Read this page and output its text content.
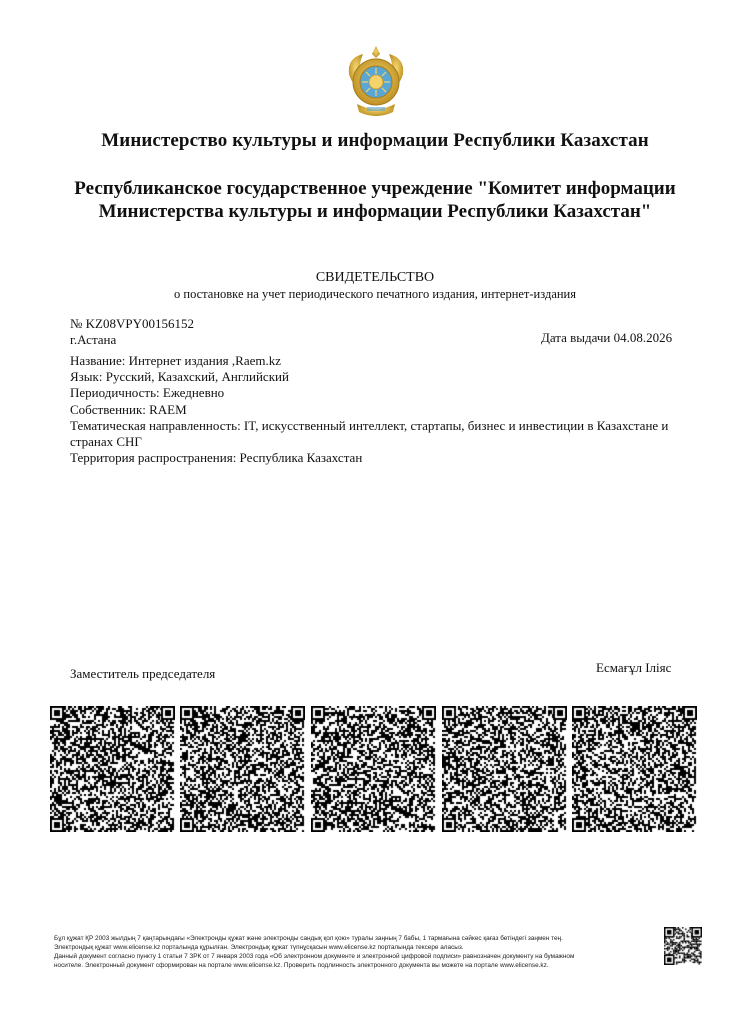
Министерство культуры и информации Республики Казахстан
Республиканское государственное учреждение "Комитет информации Министерства культуры и информации Республики Казахстан"
СВИДЕТЕЛЬСТВО
о постановке на учет периодического печатного издания, интернет-издания
№ KZ08VPY00156152
г.Астана	Дата выдачи 04.08.2026
Название: Интернет издания ,Raem.kz
Язык: Русский, Казахский, Английский
Периодичность: Ежедневно
Собственник: RAEM
Тематическая направленность: IT, искусственный интеллект, стартапы, бизнес и инвестиции в Казахстане и странах СНГ
Территория распространения: Республика Казахстан
Заместитель председателя	Есмағұл Іліяс
Бұл құжат ҚР 2003 жылдың 7 қаңтарындағы «Электронды құжат және электронды сандық қол қою» туралы заңның 7 бабы, 1 тармағына сәйкес қағаз бетіндегі заңмен тең.
Электрондық құжат www.elicense.kz порталында құрылған. Электрондық құжат түпнұсқасын www.elicense.kz порталында тексере аласыз.
Данный документ согласно пункту 1 статьи 7 ЗРК от 7 января 2003 года «Об электронном документе и электронной цифровой подписи» равнозначен документу на бумажном
носителе. Электронный документ сформирован на портале www.elicense.kz. Проверить подлинность электронного документа вы можете на портале www.elicense.kz.
